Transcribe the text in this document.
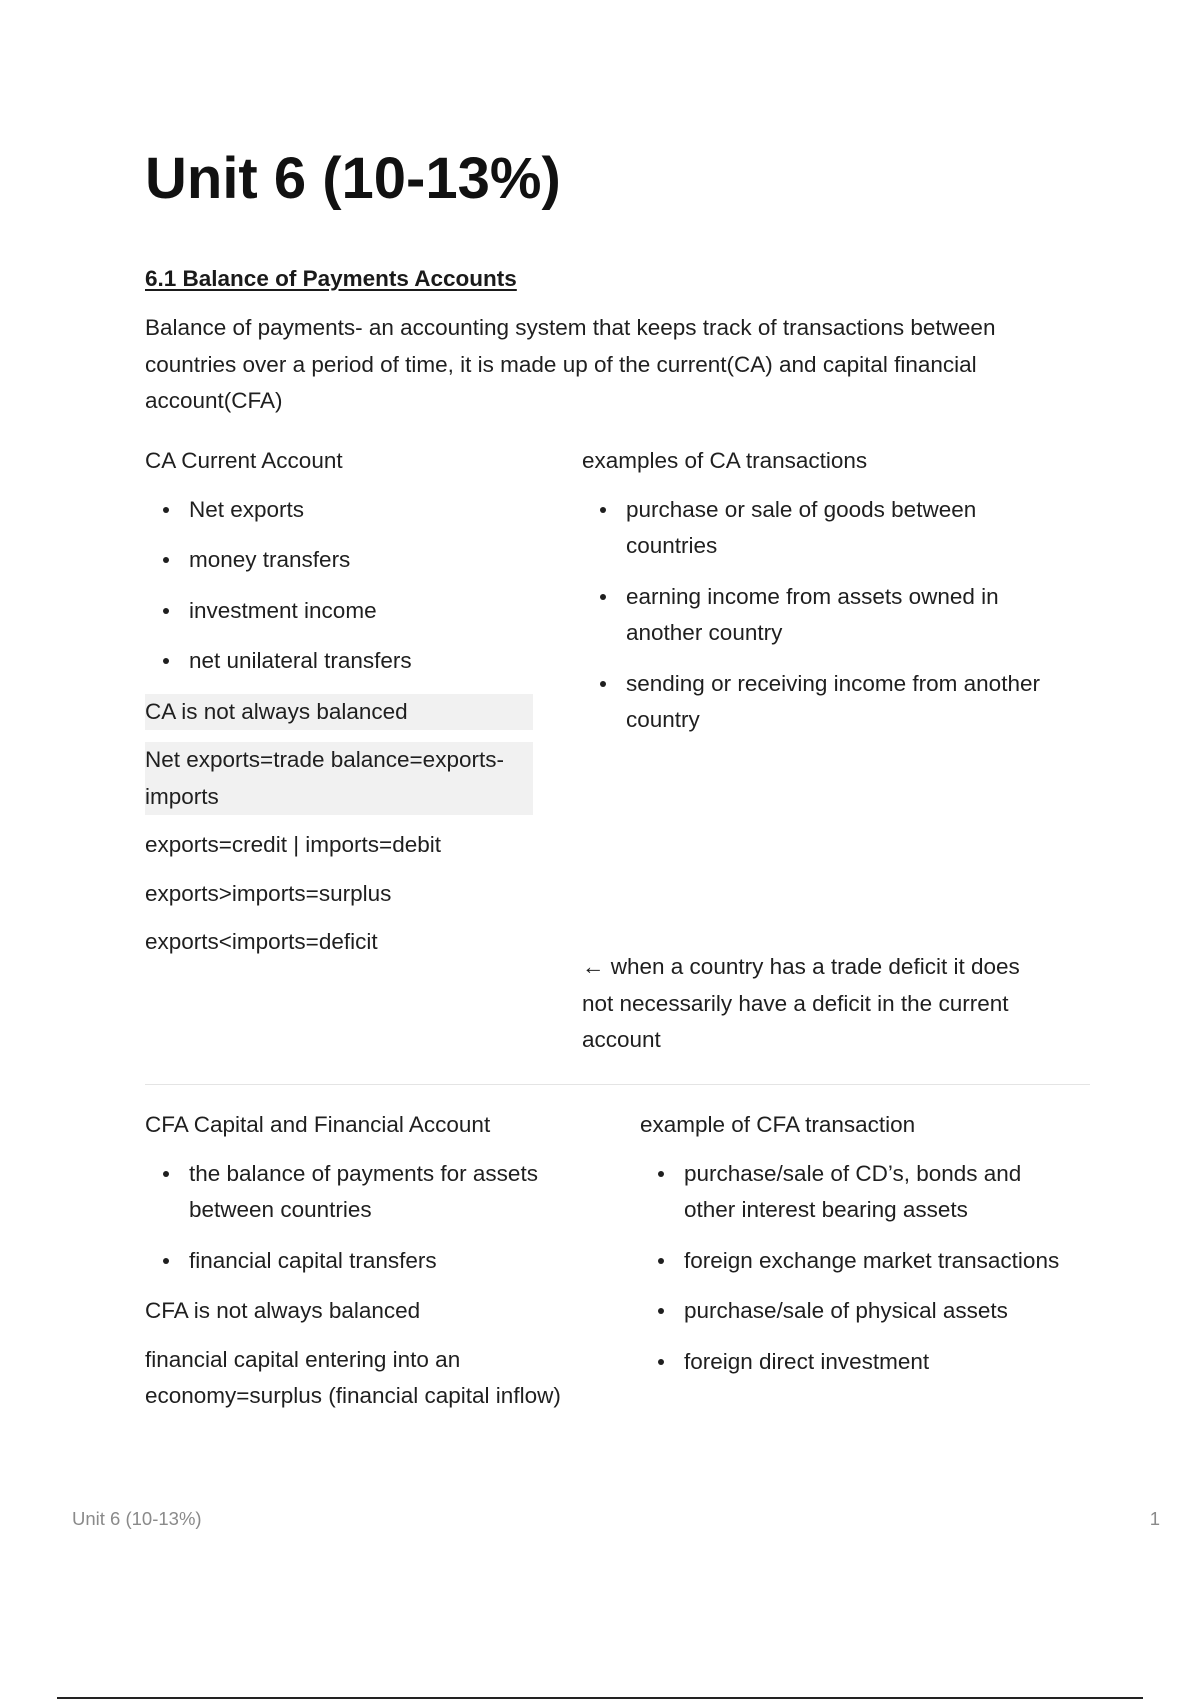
Unit 6 (10-13%)
6.1 Balance of Payments Accounts

Balance of payments- an accounting system that keeps track of transactions between countries over a period of time, it is made up of the current(CA) and capital financial account(CFA)

CA Current Account

Net exports
money transfers
investment income
net unilateral transfers
CA is not always balanced
Net exports=trade balance=exports-imports

exports=credit | imports=debit

exports>imports=surplus

exports<imports=deficit

examples of CA transactions

purchase or sale of goods between countries
earning income from assets owned in another country
sending or receiving income from another country

← when a country has a trade deficit it does not necessarily have a deficit in the current account

CFA Capital and Financial Account

the balance of payments for assets between countries
financial capital transfers

CFA is not always balanced

financial capital entering into an economy=surplus (financial capital inflow)

example of CFA transaction

purchase/sale of CD’s, bonds and other interest bearing assets
foreign exchange market transactions
purchase/sale of physical assets
foreign direct investment
Unit 6 (10-13%)	1
